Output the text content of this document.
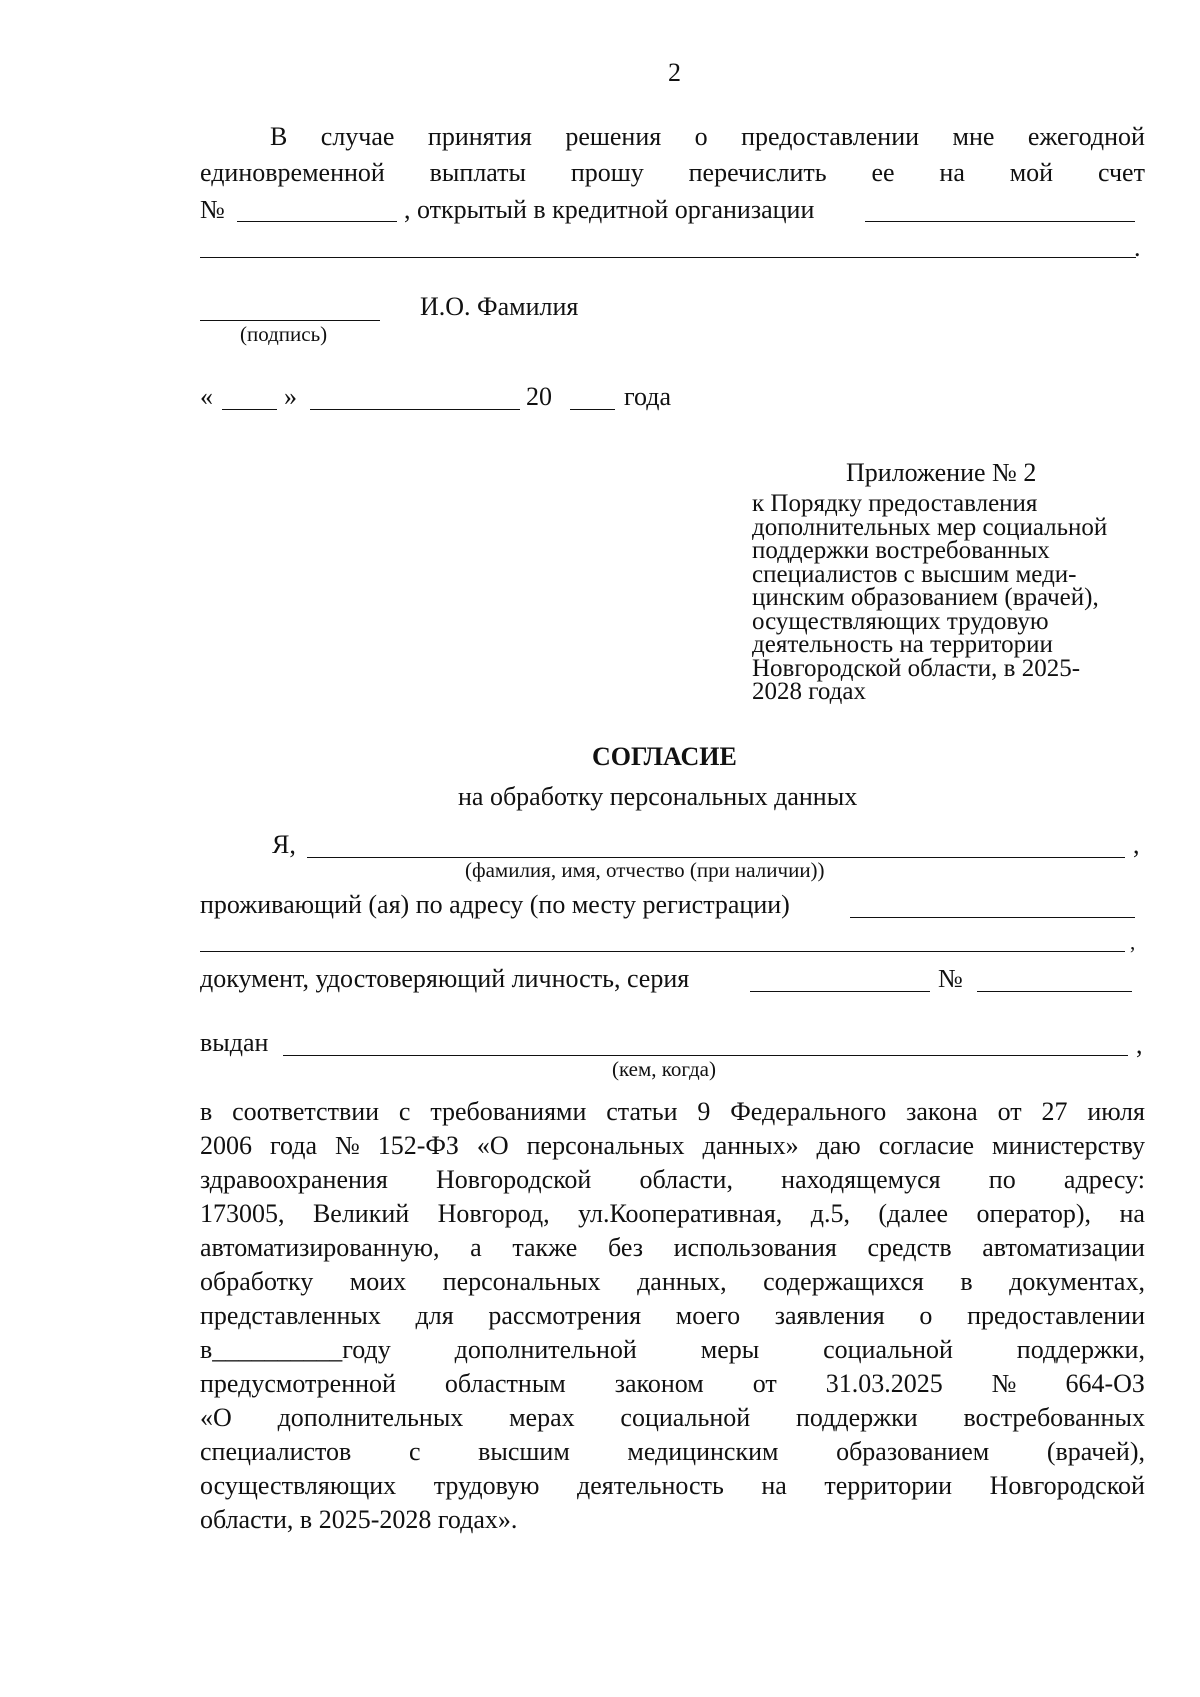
2
В случае принятия решения о предоставлении мне ежегодной
единовременной выплаты прошу перечислить ее на мой счет
№	, открытый в кредитной организации
.
И.О. Фамилия
(подпись)
«	»	20	года
Приложение № 2
к Порядку предоставления
дополнительных мер социальной
поддержки востребованных
специалистов с высшим меди-
цинским образованием (врачей),
осуществляющих трудовую
деятельность на территории
Новгородской области, в 2025-
2028 годах
СОГЛАСИЕ
на обработку персональных данных
Я,	,
(фамилия, имя, отчество (при наличии))
проживающий (ая) по адресу (по месту регистрации)
,
документ, удостоверяющий личность, серия	№
выдан	,
(кем, когда)
в соответствии с требованиями статьи 9 Федерального закона от 27 июля
2006 года № 152-ФЗ «О персональных данных» даю согласие министерству
здравоохранения Новгородской области, находящемуся по адресу:
173005, Великий Новгород, ул.Кооперативная, д.5, (далее оператор), на
автоматизированную, а также без использования средств автоматизации
обработку моих персональных данных, содержащихся в документах,
представленных для рассмотрения моего заявления о предоставлении
в__________году дополнительной меры социальной поддержки,
предусмотренной областным законом от 31.03.2025 № 664-ОЗ
«О дополнительных мерах социальной поддержки востребованных
специалистов с высшим медицинским образованием (врачей),
осуществляющих трудовую деятельность на территории Новгородской
области, в 2025-2028 годах».
